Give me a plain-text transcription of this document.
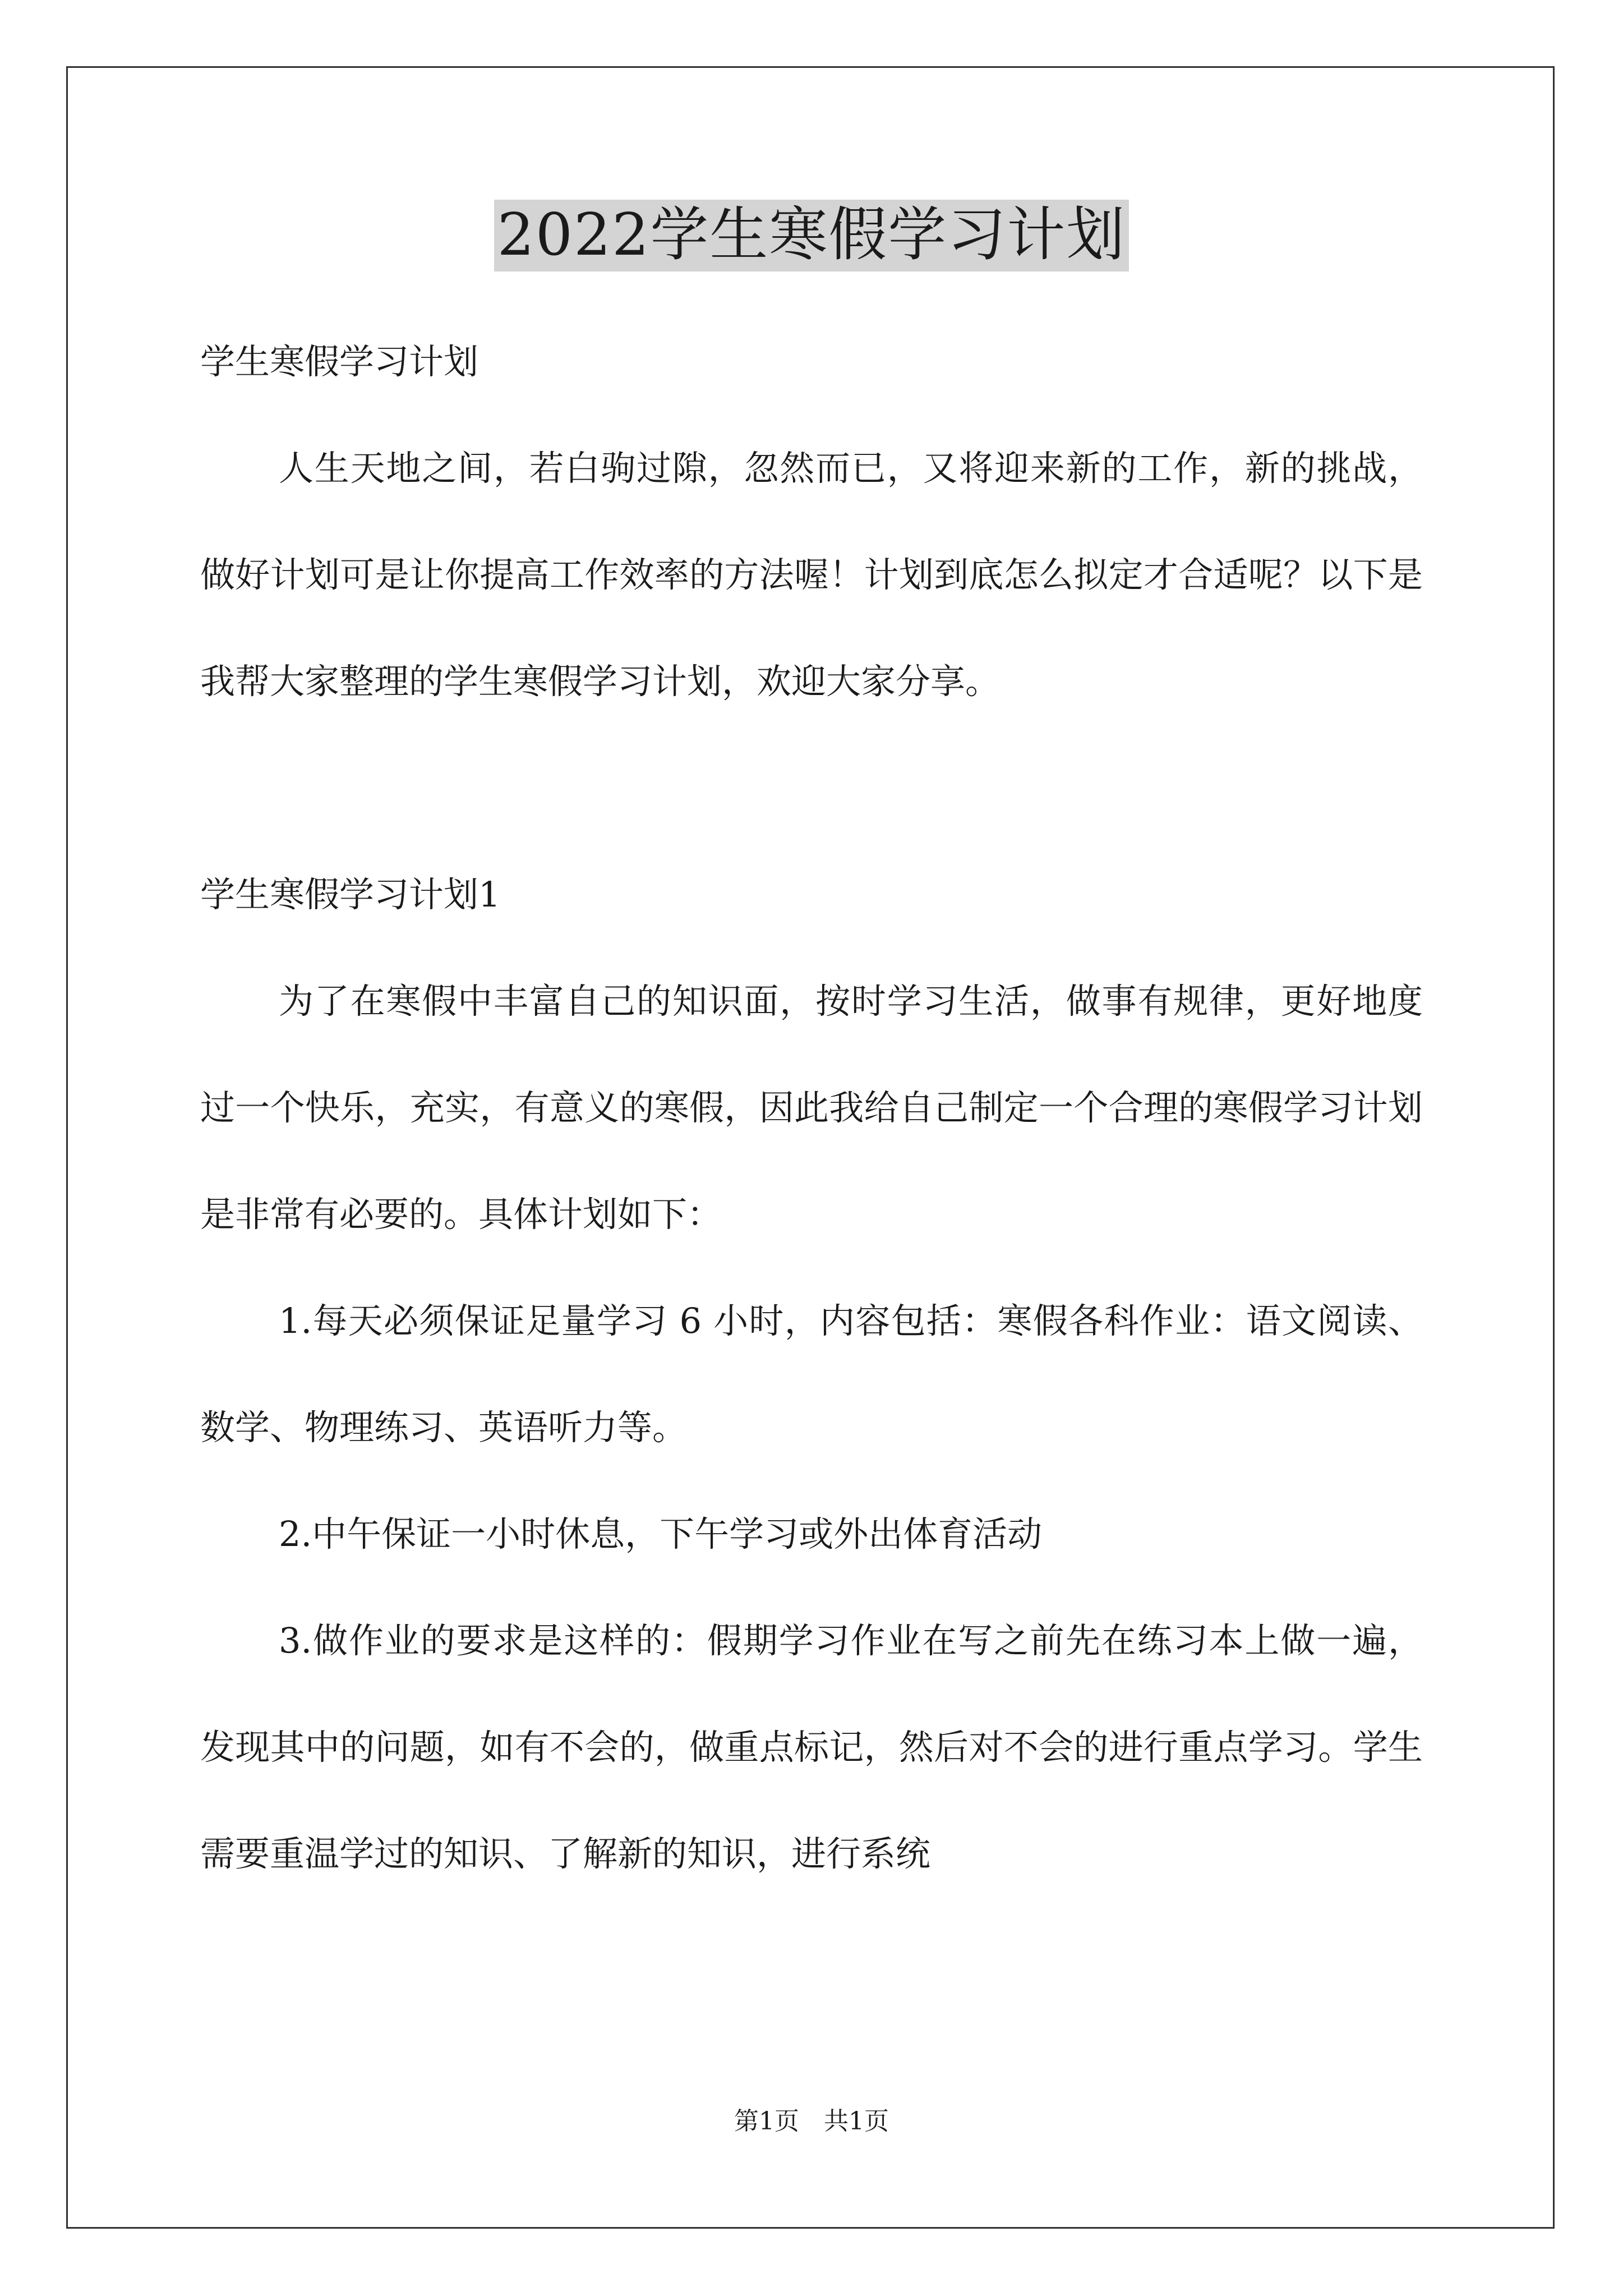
2022学生寒假学习计划

学生寒假学习计划

人生天地之间，若白驹过隙，忽然而已，又将迎来新的工作，新的挑战，做好计划可是让你提高工作效率的方法喔！计划到底怎么拟定才合适呢？以下是我帮大家整理的学生寒假学习计划，欢迎大家分享。

学生寒假学习计划1

为了在寒假中丰富自己的知识面，按时学习生活，做事有规律，更好地度过一个快乐，充实，有意义的寒假，因此我给自己制定一个合理的寒假学习计划是非常有必要的。具体计划如下：

1.每天必须保证足量学习 6 小时，内容包括：寒假各科作业：语文阅读、数学、物理练习、英语听力等。

2.中午保证一小时休息，下午学习或外出体育活动

3.做作业的要求是这样的：假期学习作业在写之前先在练习本上做一遍，发现其中的问题，如有不会的，做重点标记，然后对不会的进行重点学习。学生需要重温学过的知识、了解新的知识，进行系统

第1页　共1页
